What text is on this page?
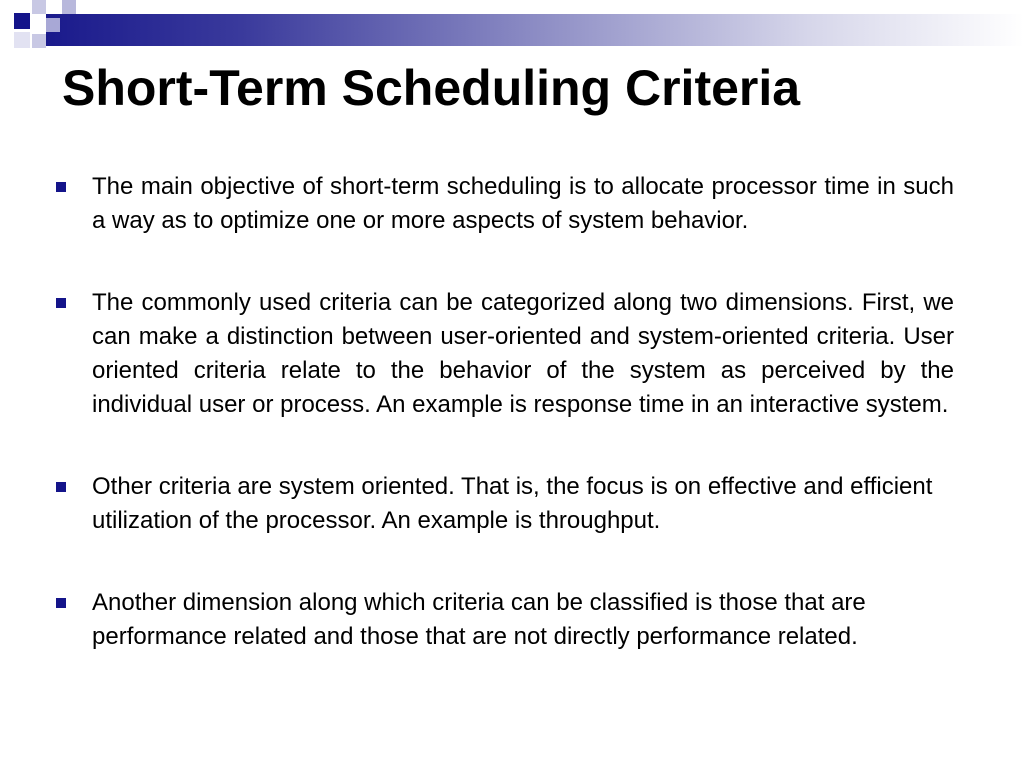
Short-Term Scheduling Criteria
The main objective of short-term scheduling is to allocate processor time in such a way as to optimize one or more aspects of system behavior.
The commonly used criteria can be categorized along two dimensions. First, we can make a distinction between user-oriented and system-oriented criteria. User oriented criteria relate to the behavior of the system as perceived by the individual user or process. An example is response time in an interactive system.
Other criteria are system oriented. That is, the focus is on effective and efficient utilization of the processor. An example is throughput.
Another dimension along which criteria can be classified is those that are performance related and those that are not directly performance related.
